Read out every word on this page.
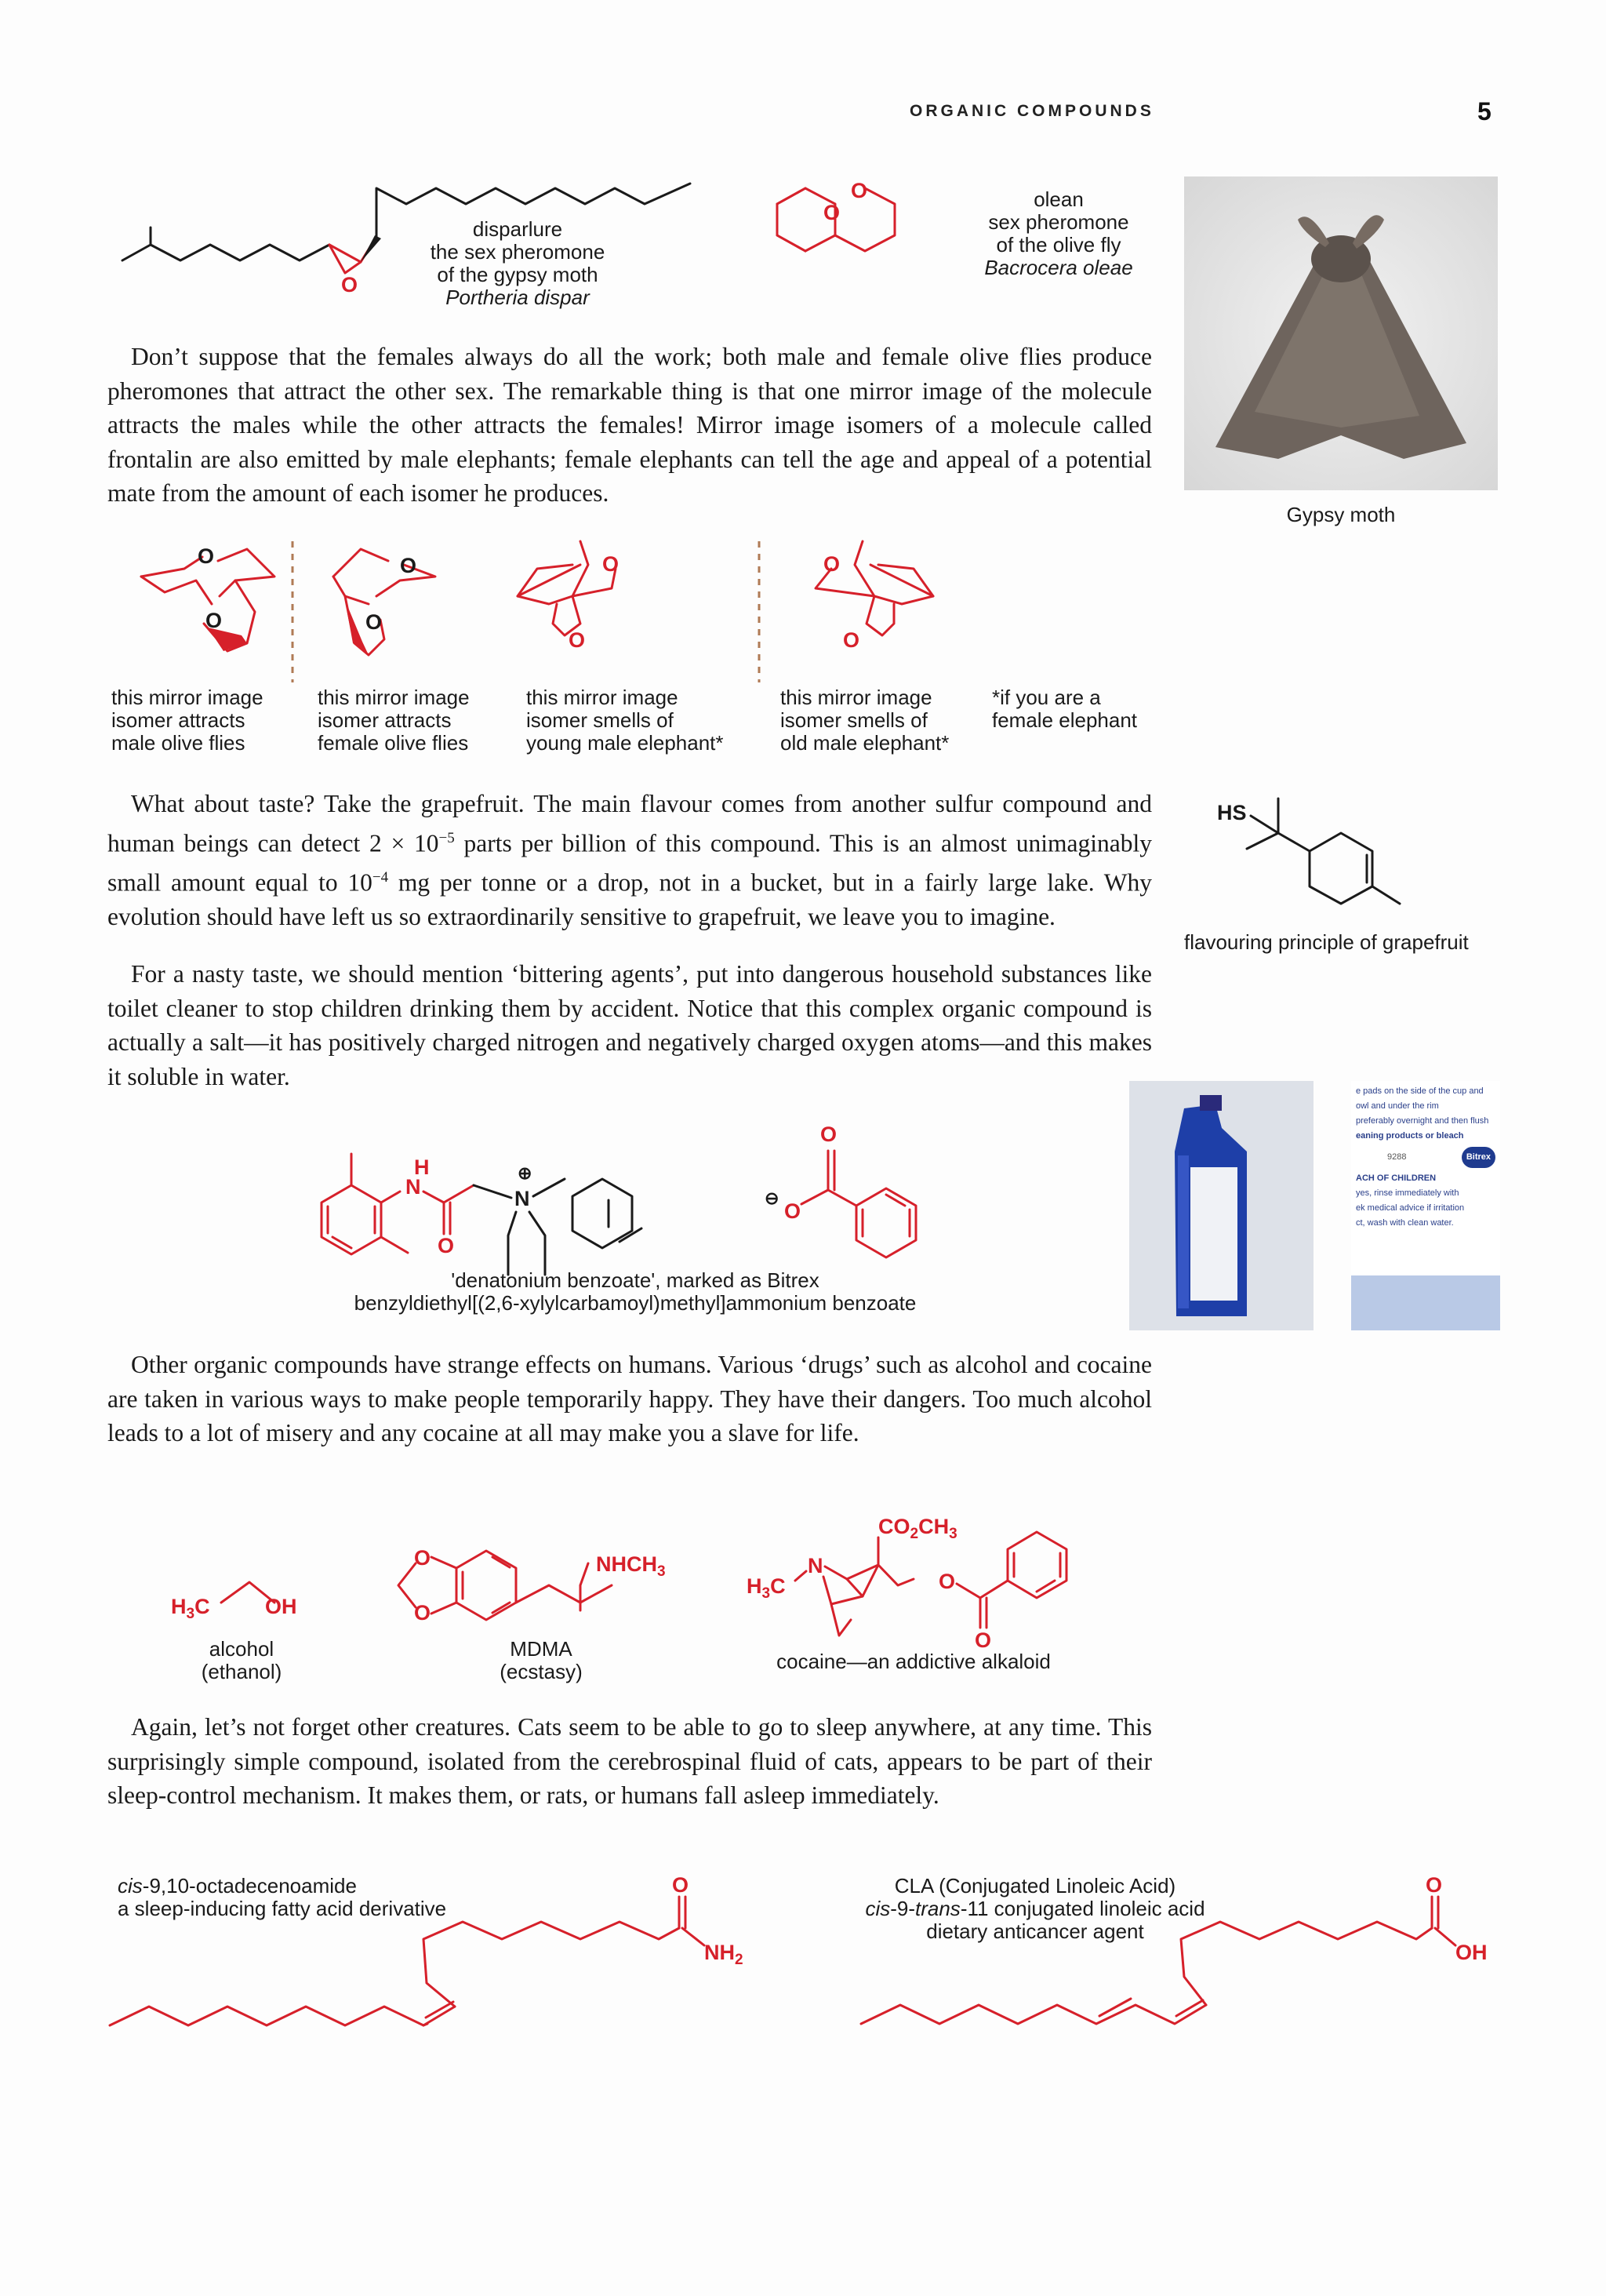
ORGANIC COMPOUNDS	5
O
disparlure
the sex pheromone
of the gypsy moth
Portheria dispar
O
O	olean
sex pheromone
of the olive fly
Bacrocera oleae
Gypsy moth
Don’t suppose that the females always do all the work; both male and female olive flies produce pheromones that attract the other sex. The remarkable thing is that one mirror image of the molecule attracts the males while the other attracts the females! Mirror image isomers of a molecule called frontalin are also emitted by male elephants; female elephants can tell the age and appeal of a potential mate from the amount of each isomer he produces.
O
O
O
O
O
O
O
O
this mirror image
isomer attracts
male olive flies
this mirror image
isomer attracts
female olive flies
this mirror image
isomer smells of
young male elephant*
this mirror image
isomer smells of
old male elephant*
*if you are a
female elephant
What about taste? Take the grapefruit. The main flavour comes from another sulfur compound and human beings can detect $2 \times 10^{-5}$ parts per billion of this compound. This is an almost unimaginably small amount equal to $10^{-4}$ mg per tonne or a drop, not in a bucket, but in a fairly large lake. Why evolution should have left us so extraordinarily sensitive to grapefruit, we leave you to imagine.
HS
flavouring principle of grapefruit
For a nasty taste, we should mention ‘bittering agents’, put into dangerous household substances like toilet cleaner to stop children drinking them by accident. Notice that this complex organic compound is actually a salt—it has positively charged nitrogen and negatively charged oxygen atoms—and this makes it soluble in water.
H
N
O
N
⊕
⊖
O
O
'denatonium benzoate', marked as Bitrex
benzyldiethyl[(2,6-xylylcarbamoyl)methyl]ammonium benzoate
e pads on the side of the cup and
owl and under the rim
preferably overnight and then flush
eaning products or bleach
9288	Bitrex
ACH OF CHILDREN
yes, rinse immediately with
ek medical advice if irritation
ct, wash with clean water.
Other organic compounds have strange effects on humans. Various ‘drugs’ such as alcohol and cocaine are taken in various ways to make people temporarily happy. They have their dangers. Too much alcohol leads to a lot of misery and any cocaine at all may make you a slave for life.
$H_3C$	OH
O
O
$NHCH_3$
$H_3C$
N
$CO_2CH_3$
O
O
alcohol
(ethanol)
MDMA
(ecstasy)	cocaine—an addictive alkaloid
Again, let’s not forget other creatures. Cats seem to be able to go to sleep anywhere, at any time. This surprisingly simple compound, isolated from the cerebrospinal fluid of cats, appears to be part of their sleep-control mechanism. It makes them, or rats, or humans fall asleep immediately.
cis-9,10-octadecenoamide
a sleep-inducing fatty acid derivative
CLA (Conjugated Linoleic Acid)
cis-9-trans-11 conjugated linoleic acid
dietary anticancer agent
O
$NH_2$
O
OH
